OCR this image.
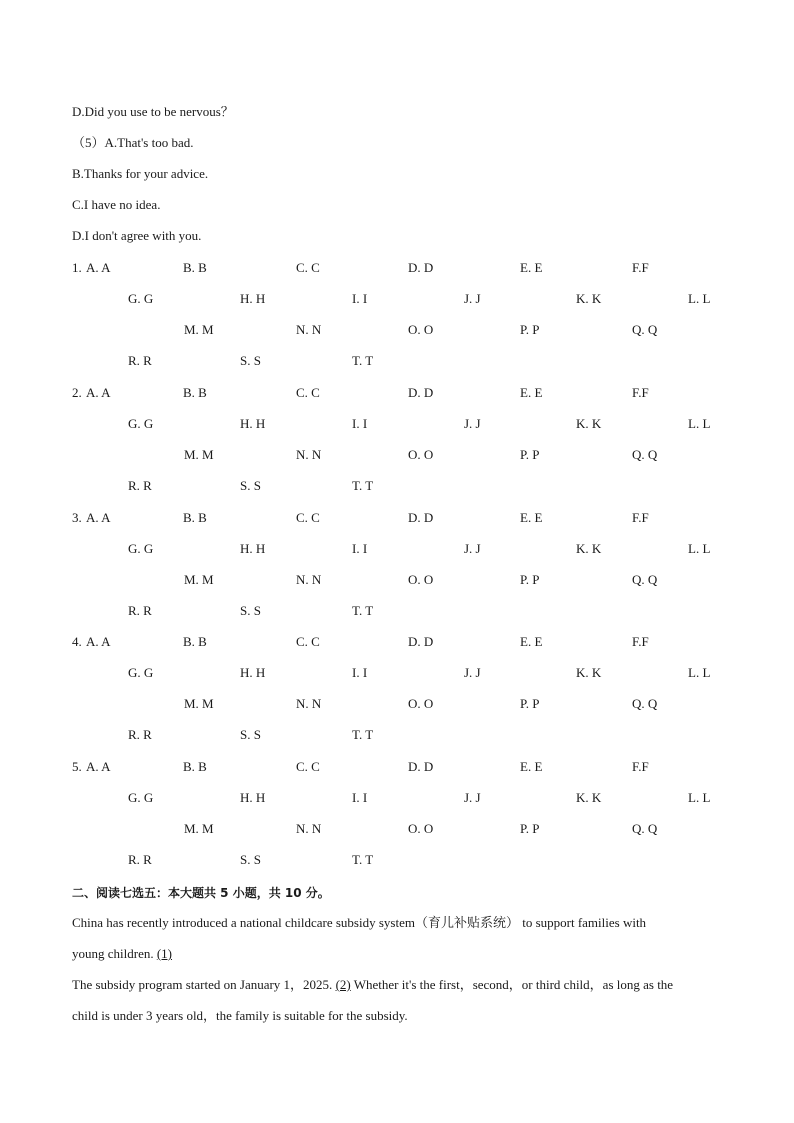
D.Did you use to be nervous？
（5）A.That's too bad.
B.Thanks for your advice.
C.I have no idea.
D.I don't agree with you.
1. A. A	B. B	C. C	D. D	E. E	F.F
G. G	H. H	I. I	J. J	K. K	L. L
M. M	N. N	O. O	P. P	Q. Q
R. R	S. S	T. T
2. A. A	B. B	C. C	D. D	E. E	F.F
G. G	H. H	I. I	J. J	K. K	L. L
M. M	N. N	O. O	P. P	Q. Q
R. R	S. S	T. T
3. A. A	B. B	C. C	D. D	E. E	F.F
G. G	H. H	I. I	J. J	K. K	L. L
M. M	N. N	O. O	P. P	Q. Q
R. R	S. S	T. T
4. A. A	B. B	C. C	D. D	E. E	F.F
G. G	H. H	I. I	J. J	K. K	L. L
M. M	N. N	O. O	P. P	Q. Q
R. R	S. S	T. T
5. A. A	B. B	C. C	D. D	E. E	F.F
G. G	H. H	I. I	J. J	K. K	L. L
M. M	N. N	O. O	P. P	Q. Q
R. R	S. S	T. T
二、阅读七选五：本大题共 5 小题，共 10 分。
China has recently introduced a national childcare subsidy system（育儿补贴系统） to support families with
young children. (1)
The subsidy program started on January 1，2025. (2) Whether it's the first，second，or third child，as long as the
child is under 3 years old，the family is suitable for the subsidy.
